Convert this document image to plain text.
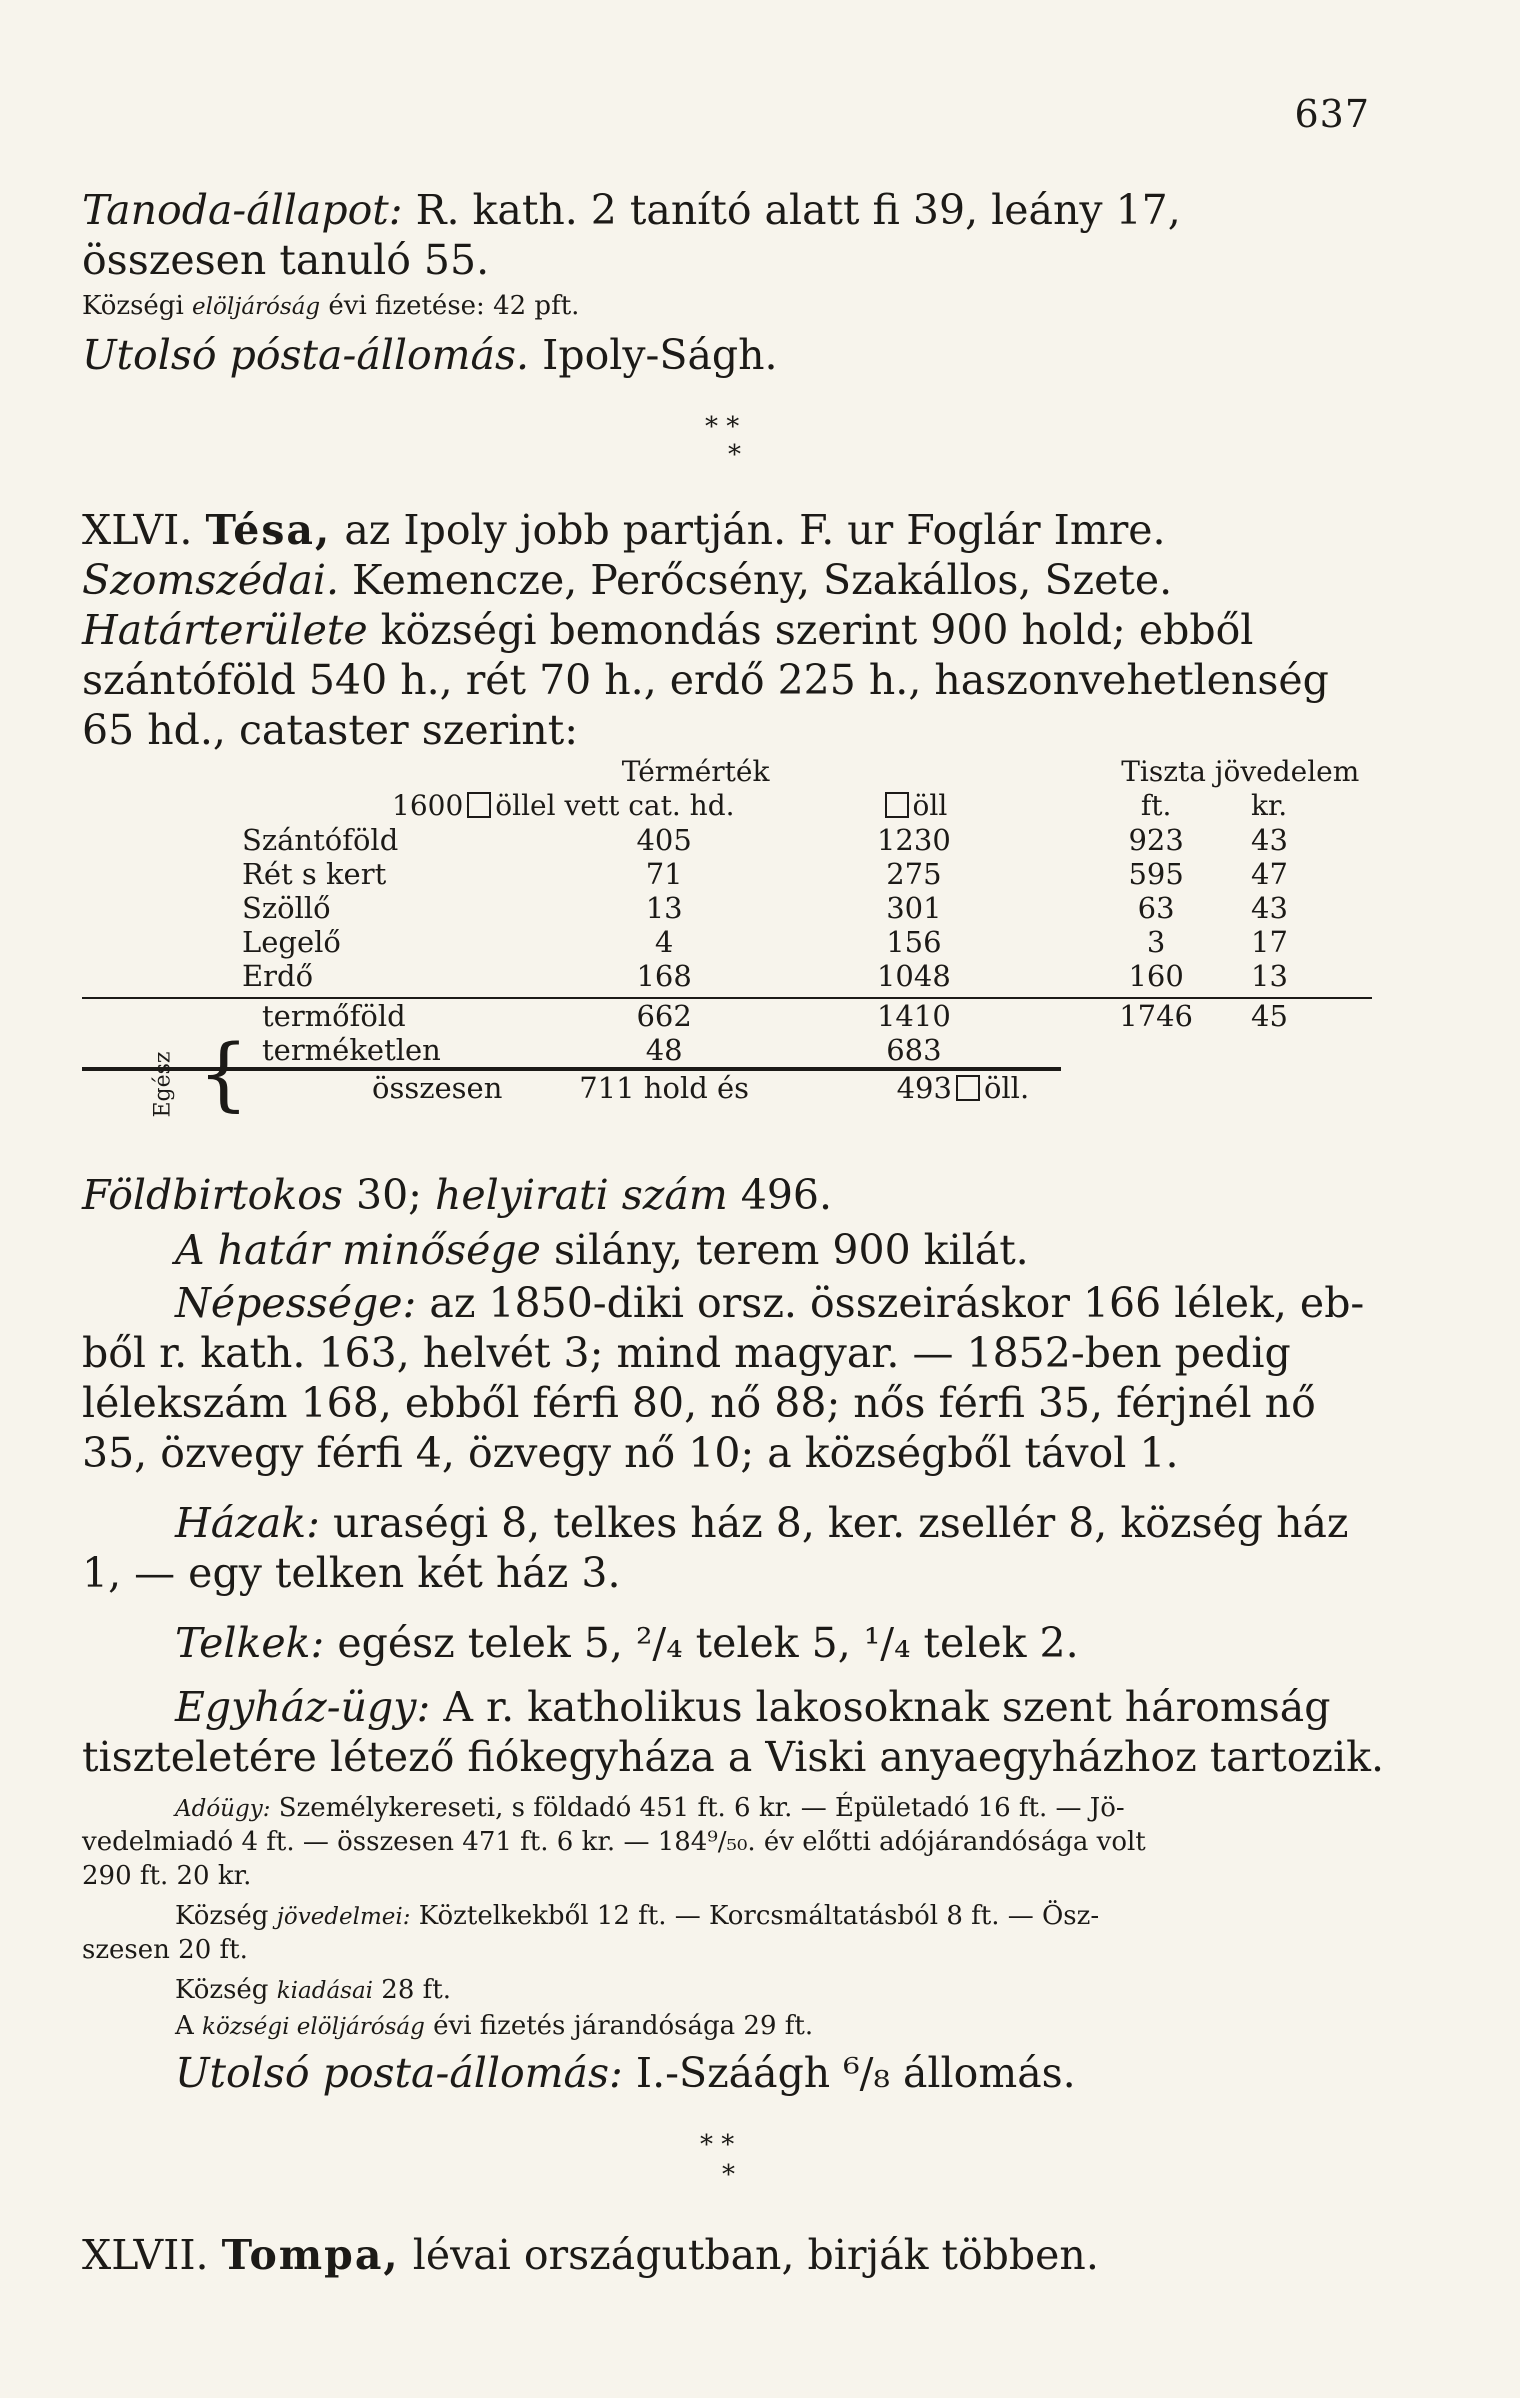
637
Tanoda-állapot: R. kath. 2 tanító alatt fi 39, leány 17,
összesen tanuló 55.
Községi elöljáróság évi fizetése: 42 pft.
Utolsó pósta-állomás. Ipoly-Ságh.
* *
*
XLVI. Tésa, az Ipoly jobb partján. F. ur Foglár Imre.
Szomszédai. Kemencze, Perőcsény, Szakállos, Szete.
Határterülete községi bemondás szerint 900 hold; ebből
szántóföld 540 h., rét 70 h., erdő 225 h., haszonvehetlenség
65 hd., cataster szerint:
	Térmérték		Tiszta jövedelem	
1600 öllel vett cat. hd.		öll	ft.	kr.
Szántóföld	405	1230	923	43
Rét s kert	71	275	595	47
Szöllő	13	301	63	43
Legelő	4	156	3	17
Erdő	168	1048	160	13

termőföld	662	1410	1746	45
terméketlen	48	683		
összesen	711 hold és	493 öll.		
Egész {
Földbirtokos 30; helyirati szám 496.
A határ minősége silány, terem 900 kilát.
Népessége: az 1850-diki orsz. összeiráskor 166 lélek, eb-
ből r. kath. 163, helvét 3; mind magyar. — 1852-ben pedig
lélekszám 168, ebből férfi 80, nő 88; nős férfi 35, férjnél nő
35, özvegy férfi 4, özvegy nő 10; a községből távol 1.
Házak: uraségi 8, telkes ház 8, ker. zsellér 8, község ház
1, — egy telken két ház 3.
Telkek: egész telek 5, ²/₄ telek 5, ¹/₄ telek 2.
Egyház-ügy: A r. katholikus lakosoknak szent háromság
tiszteletére létező fiókegyháza a Viski anyaegyházhoz tartozik.
Adóügy: Személykereseti, s földadó 451 ft. 6 kr. — Épületadó 16 ft. — Jö-
vedelmiadó 4 ft. — összesen 471 ft. 6 kr. — 184⁹/₅₀. év előtti adójárandósága volt
290 ft. 20 kr.
Község jövedelmei: Köztelkekből 12 ft. — Korcsmáltatásból 8 ft. — Ösz-
szesen 20 ft.
Község kiadásai 28 ft.
A községi elöljáróság évi fizetés járandósága 29 ft.
Utolsó posta-állomás: I.-Száágh ⁶/₈ állomás.
* *
*
XLVII. Tompa, lévai országutban, birják többen.
